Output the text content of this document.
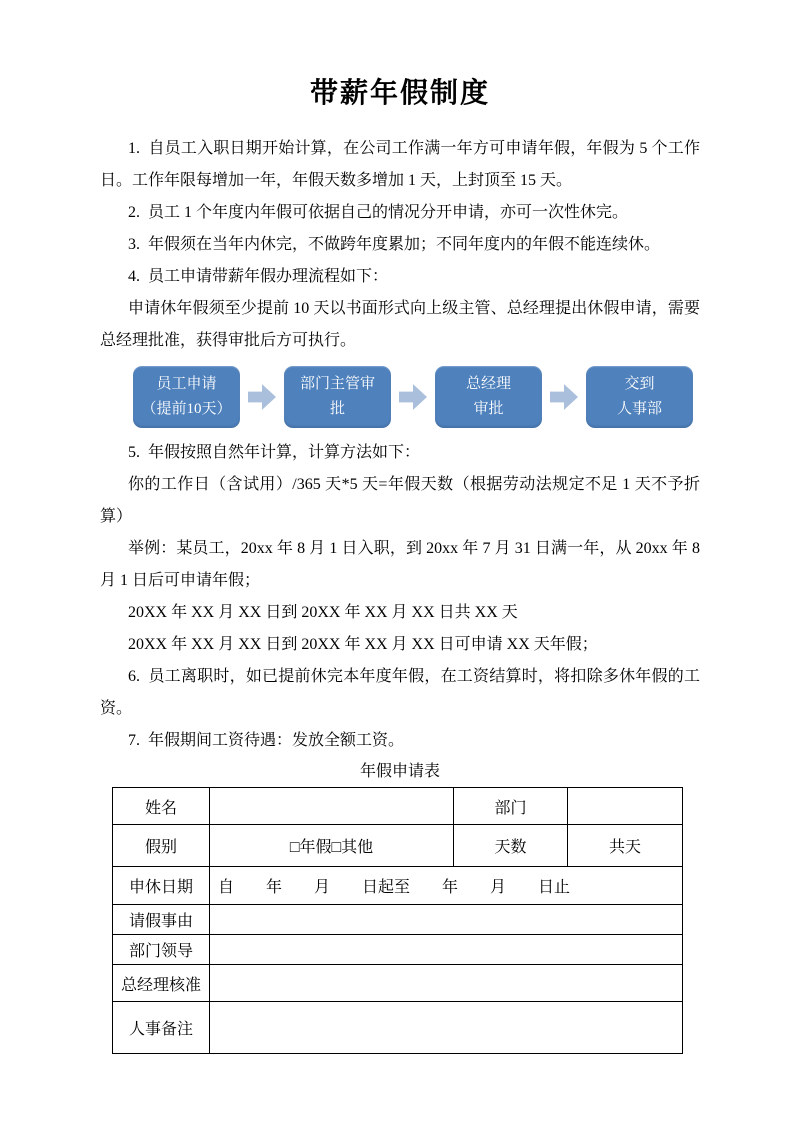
带薪年假制度

1.  自员工入职日期开始计算，在公司工作满一年方可申请年假，年假为 5 个工作日。工作年限每增加一年，年假天数多增加 1 天，上封顶至 15 天。

2.  员工 1 个年度内年假可依据自己的情况分开申请，亦可一次性休完。

3.  年假须在当年内休完，不做跨年度累加；不同年度内的年假不能连续休。

4.  员工申请带薪年假办理流程如下：

申请休年假须至少提前 10 天以书面形式向上级主管、总经理提出休假申请，需要总经理批准，获得审批后方可执行。

员工申请
（提前10天）
部门主管审
批
总经理
审批
交到
人事部

5.  年假按照自然年计算，计算方法如下：

你的工作日（含试用）/365 天*5 天=年假天数（根据劳动法规定不足 1 天不予折算）

举例：某员工，20xx 年 8 月 1 日入职，到 20xx 年 7 月 31 日满一年，从 20xx 年 8 月 1 日后可申请年假；

20XX 年 XX 月 XX 日到 20XX 年 XX 月 XX 日共 XX 天

20XX 年 XX 月 XX 日到 20XX 年 XX 月 XX 日可申请 XX 天年假；

6.  员工离职时，如已提前休完本年度年假，在工资结算时，将扣除多休年假的工资。

7.  年假期间工资待遇：发放全额工资。

年假申请表

姓名		部门	
假别	□年假□其他	天数	共天
申休日期	自　　年　　月　　日起至　　年　　月　　日止		
请假事由			
部门领导			
总经理核准			
人事备注			
